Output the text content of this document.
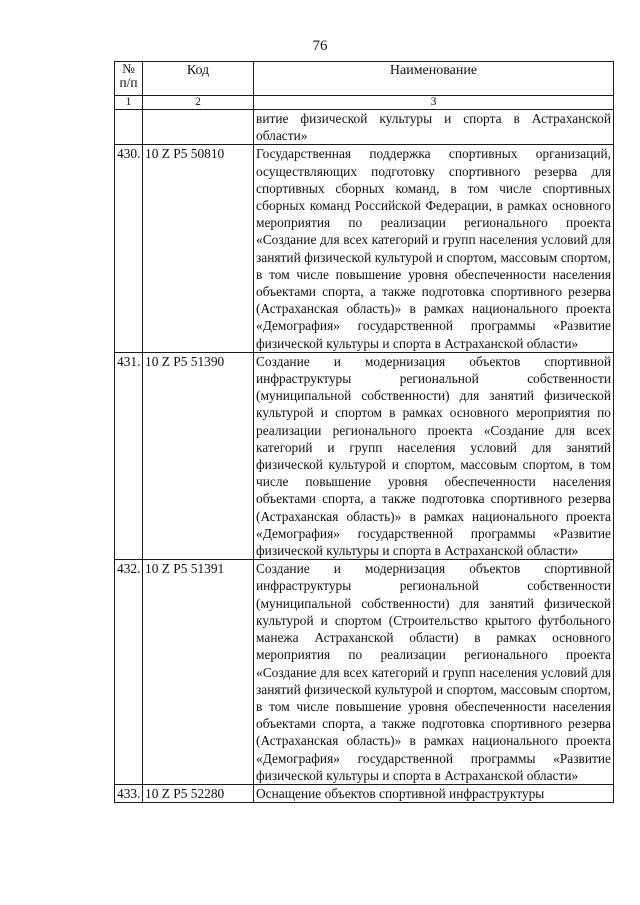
76
№
п/п	Код	Наименование
1	2	3
		витие физической культуры и спорта в Астраханской области»
430.	10 Z P5 50810	Государственная поддержка спортивных организаций, осуществляющих подготовку спортивного резерва для спортивных сборных команд, в том числе спортивных сборных команд Российской Федерации, в рамках основного мероприятия по реализации регионального проекта «Создание для всех категорий и групп населения условий для занятий физической культурой и спортом, массовым спортом, в том числе повышение уровня обеспеченности населения объектами спорта, а также подготовка спортивного резерва (Астраханская область)» в рамках национального проекта «Демография» государственной программы «Развитие физической культуры и спорта в Астраханской области»
431.	10 Z P5 51390	Создание и модернизация объектов спортивной инфраструктуры региональной собственности (муниципальной собственности) для занятий физической культурой и спортом в рамках основного мероприятия по реализации регионального проекта «Создание для всех категорий и групп населения условий для занятий физической культурой и спортом, массовым спортом, в том числе повышение уровня обеспеченности населения объектами спорта, а также подготовка спортивного резерва (Астраханская область)» в рамках национального проекта «Демография» государственной программы «Развитие физической культуры и спорта в Астраханской области»
432.	10 Z P5 51391	Создание и модернизация объектов спортивной инфраструктуры региональной собственности (муниципальной собственности) для занятий физической культурой и спортом (Строительство крытого футбольного манежа Астраханской области) в рамках основного мероприятия по реализации регионального проекта «Создание для всех категорий и групп населения условий для занятий физической культурой и спортом, массовым спортом, в том числе повышение уровня обеспеченности населения объектами спорта, а также подготовка спортивного резерва (Астраханская область)» в рамках национального проекта «Демография» государственной программы «Развитие физической культуры и спорта в Астраханской области»
433.	10 Z P5 52280	Оснащение объектов спортивной инфраструктуры
